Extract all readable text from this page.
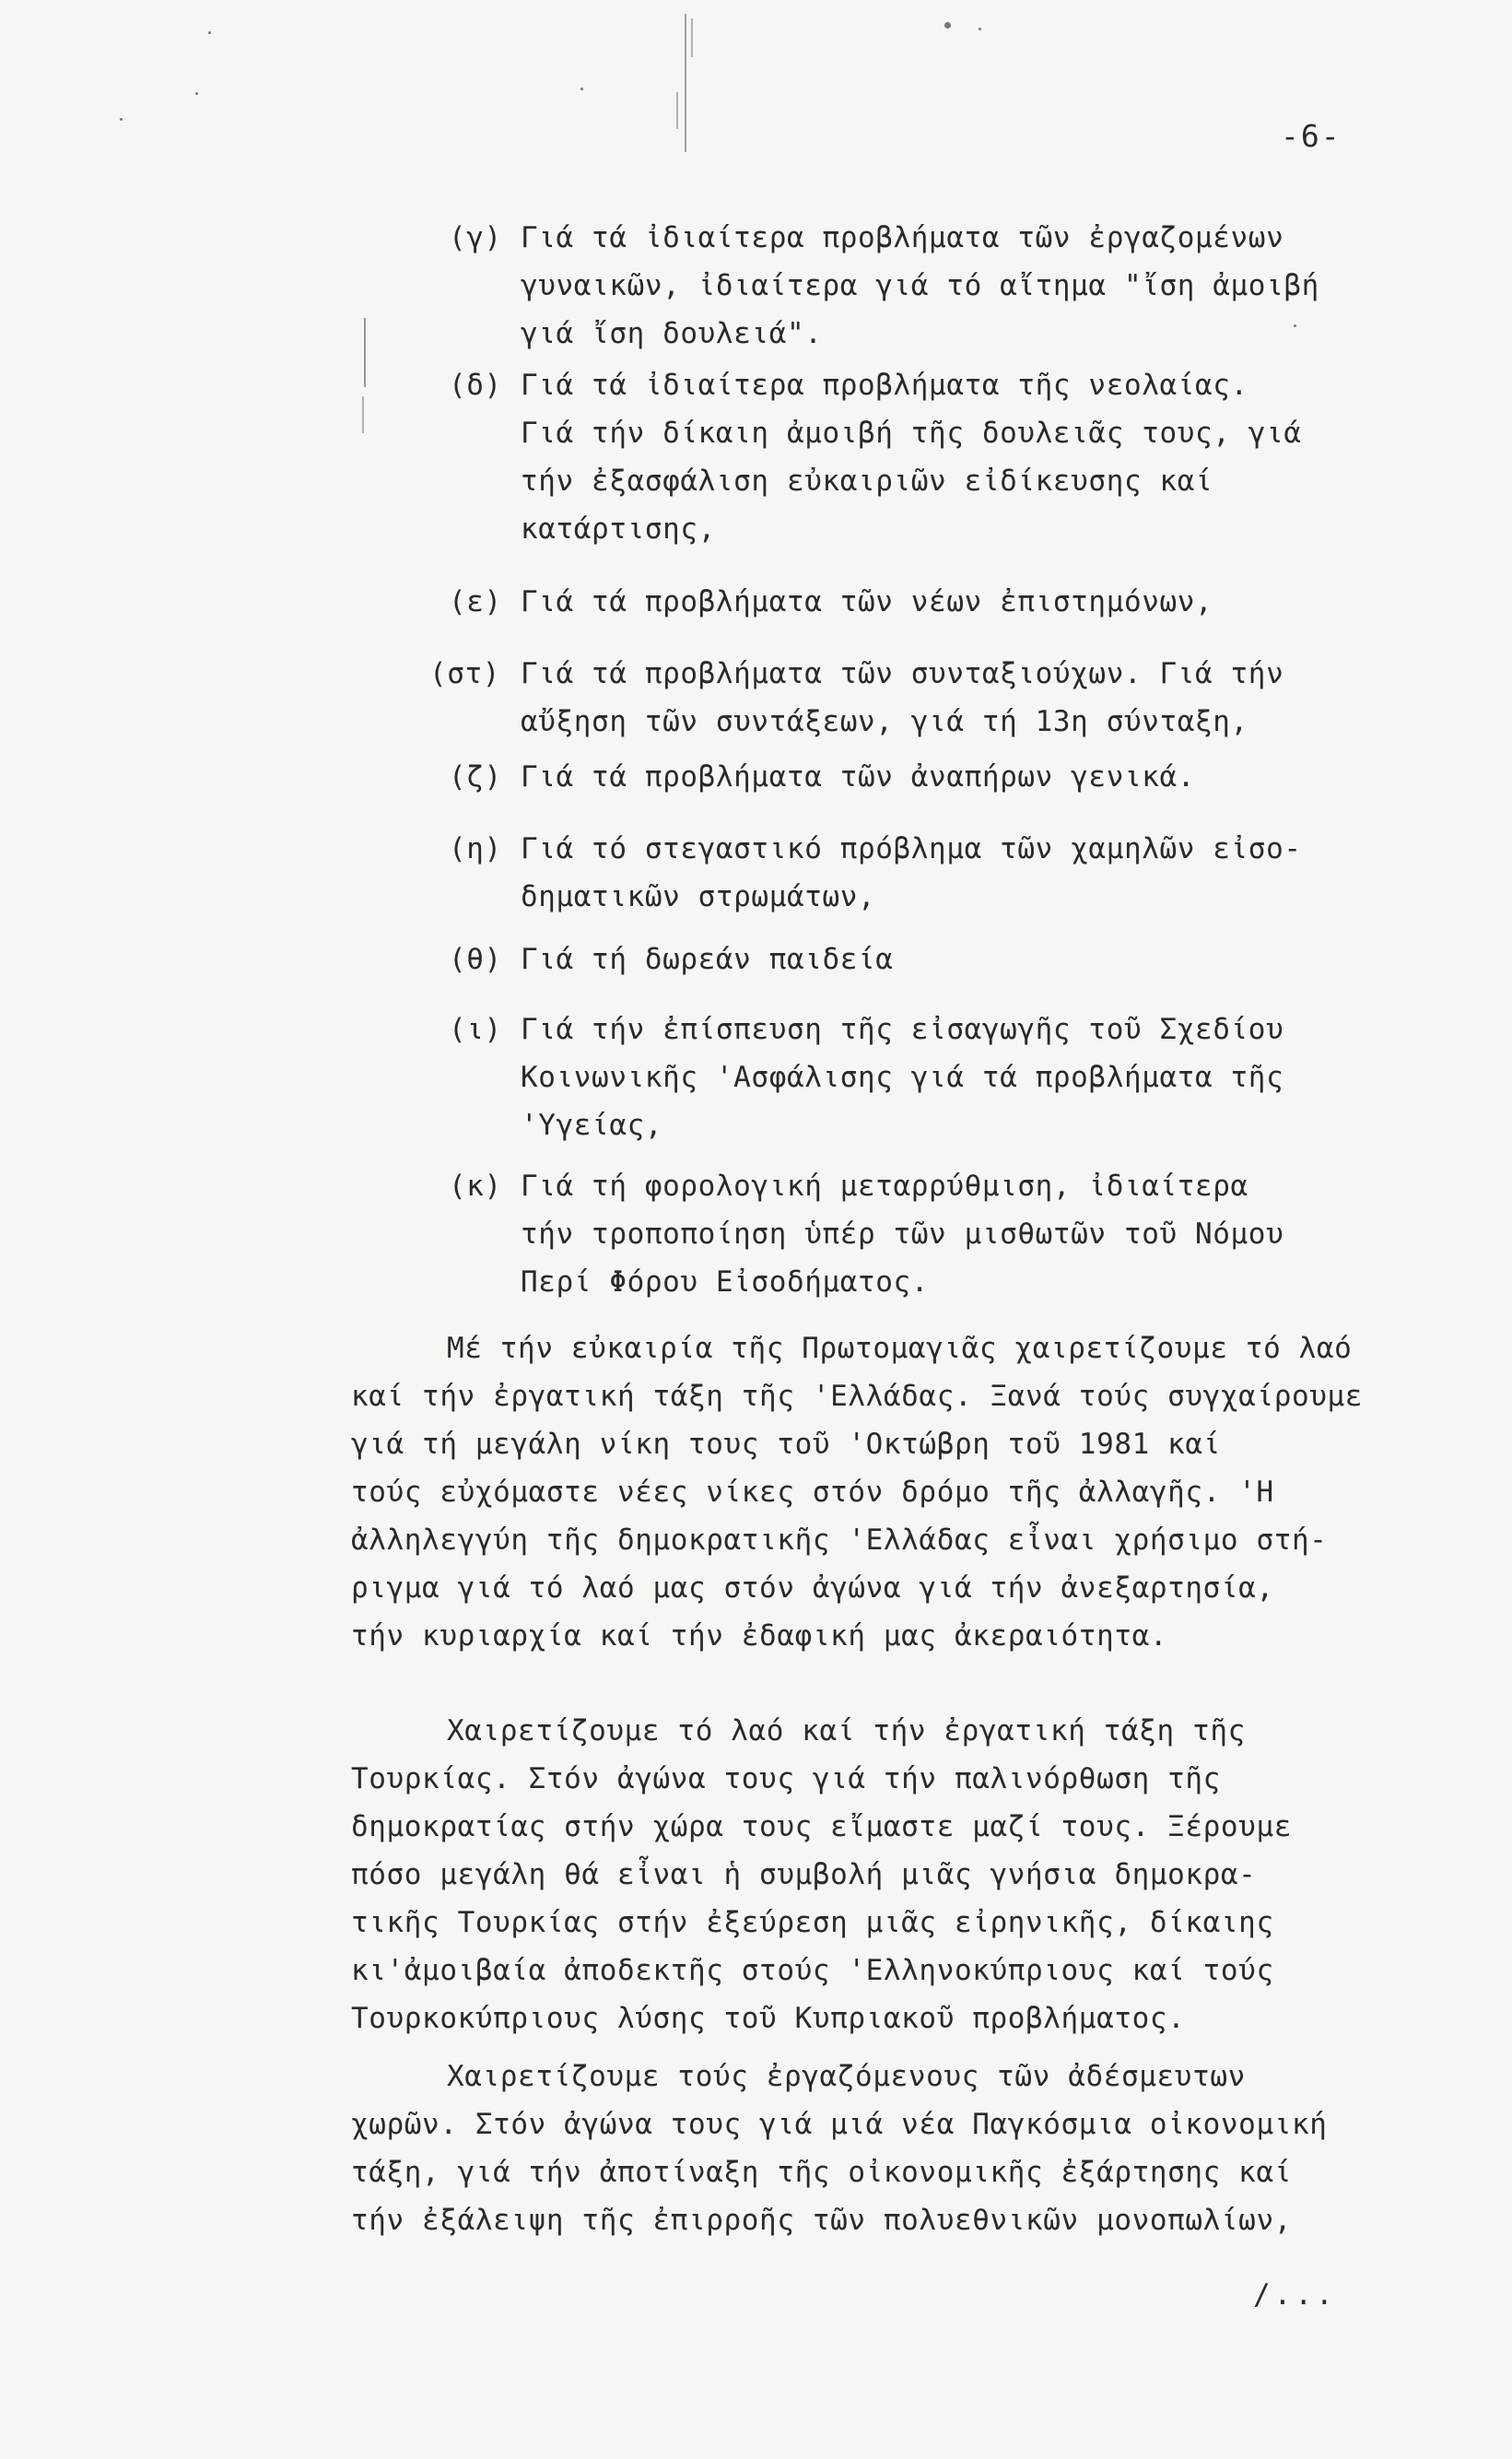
-6-
(γ) Γιά τά ἰδιαίτερα προβλήματα τῶν ἐργαζομένων
γυναικῶν, ἰδιαίτερα γιά τό αἴτημα "ἴση ἀμοιβή
γιά ἴση δουλειά".
(δ) Γιά τά ἰδιαίτερα προβλήματα τῆς νεολαίας.
Γιά τήν δίκαιη ἀμοιβή τῆς δουλειᾶς τους, γιά
τήν ἐξασφάλιση εὐκαιριῶν εἰδίκευσης καί
κατάρτισης,
(ε) Γιά τά προβλήματα τῶν νέων ἐπιστημόνων,
(στ) Γιά τά προβλήματα τῶν συνταξιούχων. Γιά τήν
αὔξηση τῶν συντάξεων, γιά τή 13η σύνταξη,
(ζ) Γιά τά προβλήματα τῶν ἀναπήρων γενικά.
(η) Γιά τό στεγαστικό πρόβλημα τῶν χαμηλῶν εἰσο-
δηματικῶν στρωμάτων,
(θ) Γιά τή δωρεάν παιδεία
(ι) Γιά τήν ἐπίσπευση τῆς εἰσαγωγῆς τοῦ Σχεδίου
Κοινωνικῆς 'Ασφάλισης γιά τά προβλήματα τῆς
'Υγείας,
(κ) Γιά τή φορολογική μεταρρύθμιση, ἰδιαίτερα
τήν τροποποίηση ὑπέρ τῶν μισθωτῶν τοῦ Νόμου
Περί Φόρου Εἰσοδήματος.
Μέ τήν εὐκαιρία τῆς Πρωτομαγιᾶς χαιρετίζουμε τό λαό
καί τήν ἐργατική τάξη τῆς 'Ελλάδας. Ξανά τούς συγχαίρουμε
γιά τή μεγάλη νίκη τους τοῦ 'Οκτώβρη τοῦ 1981 καί
τούς εὐχόμαστε νέες νίκες στόν δρόμο τῆς ἀλλαγῆς. 'Η
ἀλληλεγγύη τῆς δημοκρατικῆς 'Ελλάδας εἶναι χρήσιμο στή-
ριγμα γιά τό λαό μας στόν ἀγώνα γιά τήν ἀνεξαρτησία,
τήν κυριαρχία καί τήν ἐδαφική μας ἀκεραιότητα.
Χαιρετίζουμε τό λαό καί τήν ἐργατική τάξη τῆς
Τουρκίας. Στόν ἀγώνα τους γιά τήν παλινόρθωση τῆς
δημοκρατίας στήν χώρα τους εἴμαστε μαζί τους. Ξέρουμε
πόσο μεγάλη θά εἶναι ἡ συμβολή μιᾶς γνήσια δημοκρα-
τικῆς Τουρκίας στήν ἐξεύρεση μιᾶς εἰρηνικῆς, δίκαιης
κι'ἀμοιβαία ἀποδεκτῆς στούς 'Ελληνοκύπριους καί τούς
Τουρκοκύπριους λύσης τοῦ Κυπριακοῦ προβλήματος.
Χαιρετίζουμε τούς ἐργαζόμενους τῶν ἀδέσμευτων
χωρῶν. Στόν ἀγώνα τους γιά μιά νέα Παγκόσμια οἰκονομική
τάξη, γιά τήν ἀποτίναξη τῆς οἰκονομικῆς ἐξάρτησης καί
τήν ἐξάλειψη τῆς ἐπιρροῆς τῶν πολυεθνικῶν μονοπωλίων,
/...
